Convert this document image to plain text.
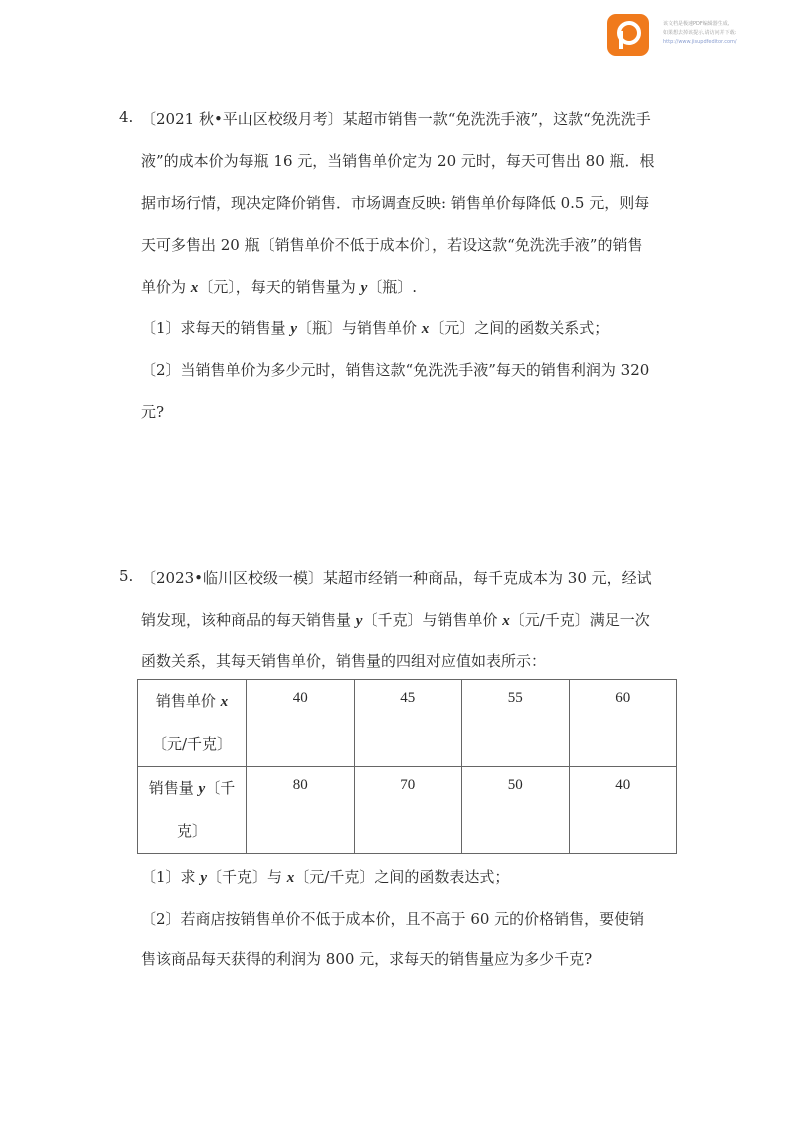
该文档是极速PDF编辑器生成,
如果想去掉该提示,请访问并下载:
http://www.jisupdfeditor.com/
4. 〔2021 秋•平山区校级月考〕某超市销售一款“免洗洗手液”，这款“免洗洗手
液”的成本价为每瓶 16 元，当销售单价定为 20 元时，每天可售出 80 瓶．根
据市场行情，现决定降价销售．市场调查反映: 销售单价每降低 0.5 元，则每
天可多售出 20 瓶〔销售单价不低于成本价〕，若设这款“免洗洗手液”的销售
单价为 x〔元〕，每天的销售量为 y〔瓶〕.
〔1〕求每天的销售量 y〔瓶〕与销售单价 x〔元〕之间的函数关系式；
〔2〕当销售单价为多少元时，销售这款“免洗洗手液”每天的销售利润为 320
元?
5. 〔2023•临川区校级一模〕某超市经销一种商品，每千克成本为 30 元，经试
销发现，该种商品的每天销售量 y〔千克〕与销售单价 x〔元/千克〕满足一次
函数关系，其每天销售单价，销售量的四组对应值如表所示：
销售单价 x
〔元/千克〕	40	45	55	60
销售量 y〔千
克〕	80	70	50	40
〔1〕求 y〔千克〕与 x〔元/千克〕之间的函数表达式；
〔2〕若商店按销售单价不低于成本价，且不高于 60 元的价格销售，要使销
售该商品每天获得的利润为 800 元，求每天的销售量应为多少千克?
